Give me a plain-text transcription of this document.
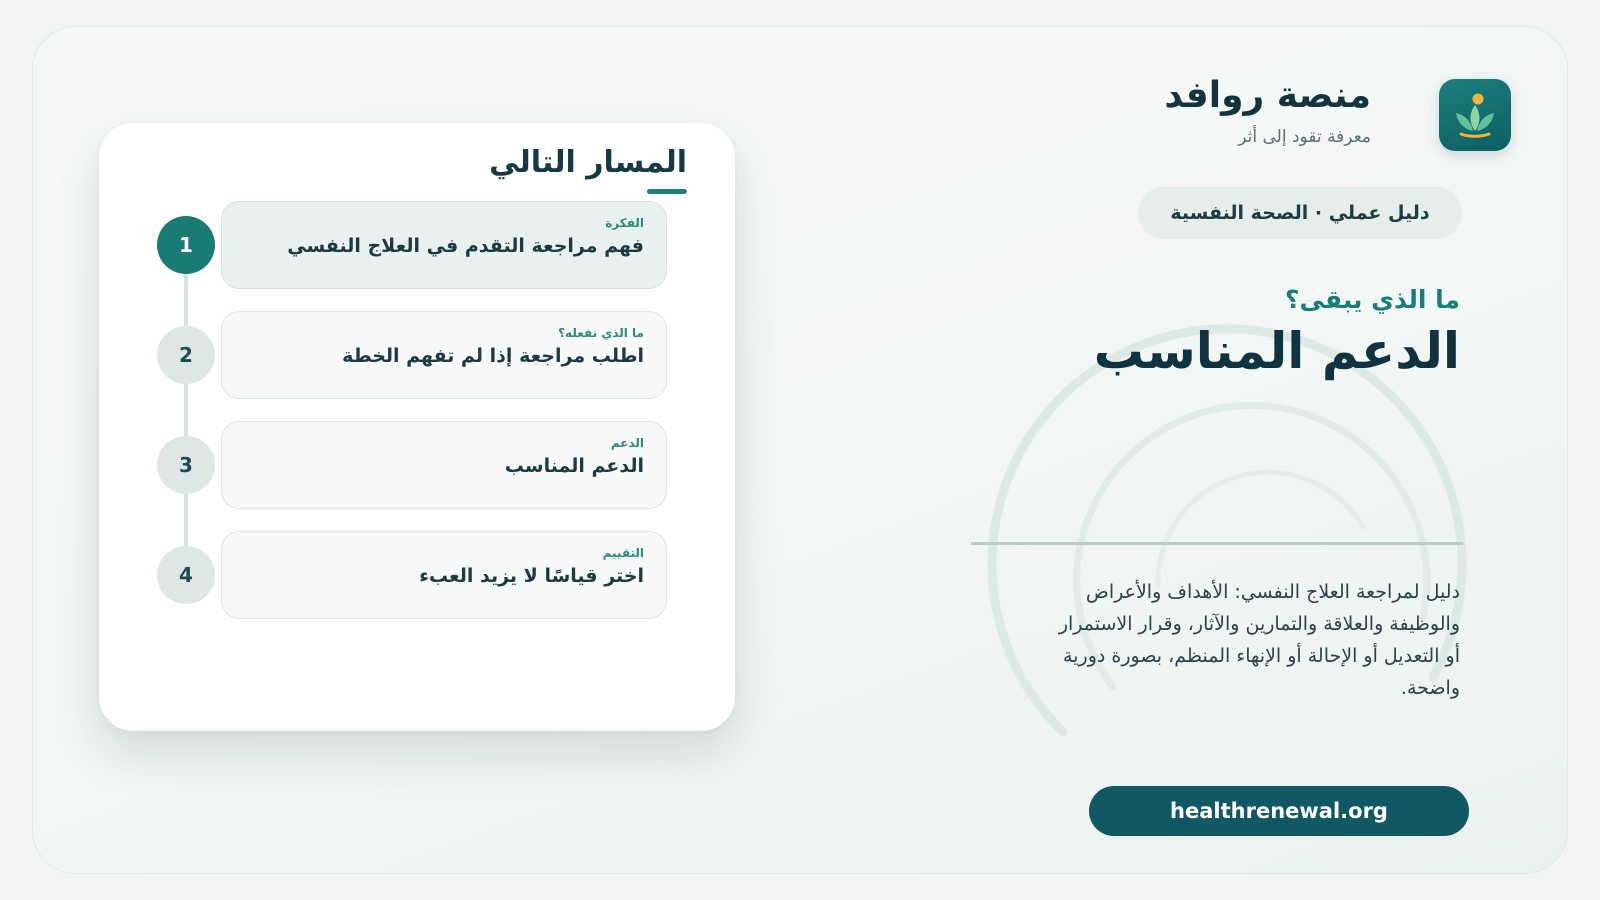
منصة روافد
معرفة تقود إلى أثر
دليل عملي · الصحة النفسية
ما الذي يبقى؟
الدعم المناسب
دليل لمراجعة العلاج النفسي: الأهداف والأعراض والوظيفة والعلاقة والتمارين والآثار، وقرار الاستمرار أو التعديل أو الإحالة أو الإنهاء المنظم، بصورة دورية واضحة.
healthrenewal.org
المسار التالي
1
الفكرة
فهم مراجعة التقدم في العلاج النفسي
2
ما الذي نفعله؟
اطلب مراجعة إذا لم تفهم الخطة
3
الدعم
الدعم المناسب
4
التقييم
اختر قياسًا لا يزيد العبء
